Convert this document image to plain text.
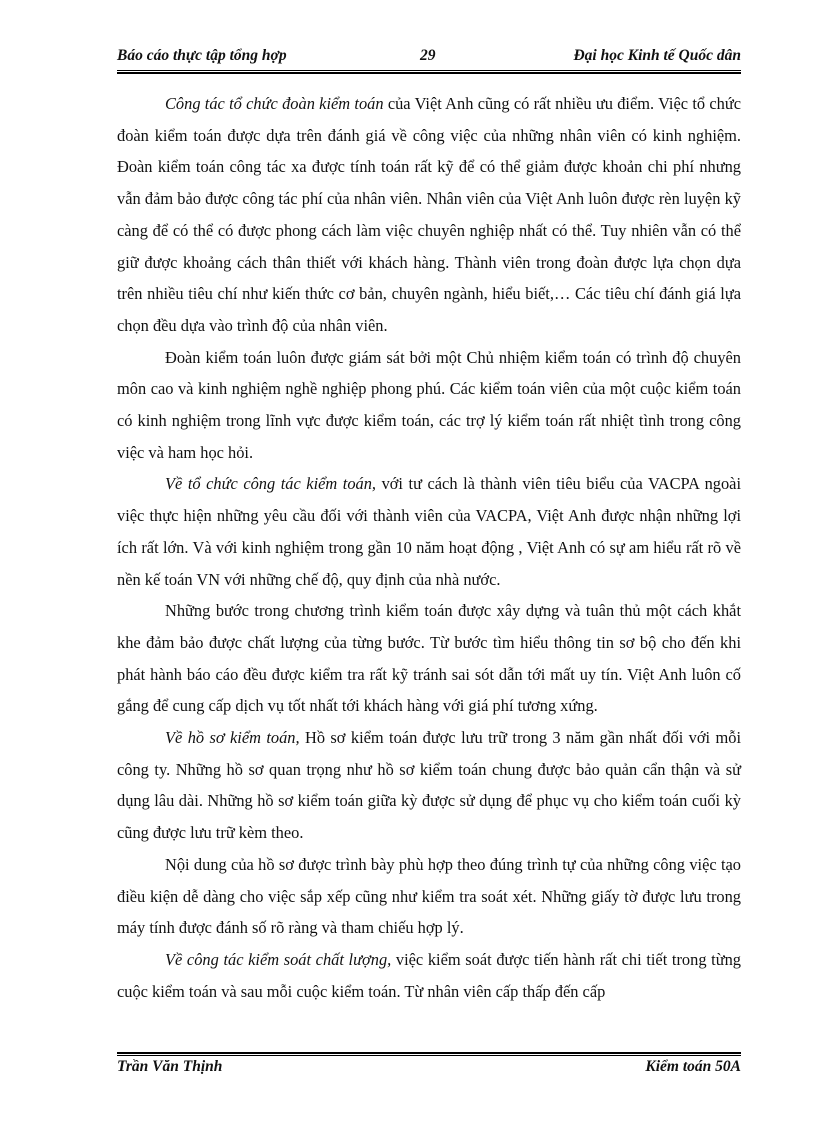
Báo cáo thực tập tổng hợp	29	Đại học Kinh tế Quốc dân

Công tác tổ chức đoàn kiểm toán của Việt Anh cũng có rất nhiều ưu điểm. Việc tổ chức đoàn kiểm toán được dựa trên đánh giá về công việc của những nhân viên có kinh nghiệm. Đoàn kiểm toán công tác xa được tính toán rất kỹ để có thể giảm được khoản chi phí nhưng vẫn đảm bảo được công tác phí của nhân viên. Nhân viên của Việt Anh luôn được rèn luyện kỹ càng để có thể có được phong cách làm việc chuyên nghiệp nhất có thể. Tuy nhiên vẫn có thể giữ được khoảng cách thân thiết với khách hàng. Thành viên trong đoàn được lựa chọn dựa trên nhiều tiêu chí như kiến thức cơ bản, chuyên ngành, hiểu biết,… Các tiêu chí đánh giá lựa chọn đều dựa vào trình độ của nhân viên.

Đoàn kiểm toán luôn được giám sát bởi một Chủ nhiệm kiểm toán có trình độ chuyên môn cao và kinh nghiệm nghề nghiệp phong phú. Các kiểm toán viên của một cuộc kiểm toán có kinh nghiệm trong lĩnh vực được kiểm toán, các trợ lý kiểm toán rất nhiệt tình trong công việc và ham học hỏi.

Về tổ chức công tác kiểm toán, với tư cách là thành viên tiêu biểu của VACPA ngoài việc thực hiện những yêu cầu đối với thành viên của VACPA, Việt Anh được nhận những lợi ích rất lớn. Và với kinh nghiệm trong gần 10 năm hoạt động , Việt Anh có sự am hiểu rất rõ về nền kế toán VN với những chế độ, quy định của nhà nước.

Những bước trong chương trình kiểm toán được xây dựng và tuân thủ một cách khắt khe đảm bảo được chất lượng của từng bước. Từ bước tìm hiểu thông tin sơ bộ cho đến khi phát hành báo cáo đều được kiểm tra rất kỹ tránh sai sót dẫn tới mất uy tín. Việt Anh luôn cố gắng để cung cấp dịch vụ tốt nhất tới khách hàng với giá phí tương xứng.

Về hồ sơ kiểm toán, Hồ sơ kiểm toán được lưu trữ trong 3 năm gần nhất đối với mỗi công ty. Những hồ sơ quan trọng như hồ sơ kiểm toán chung được bảo quản cẩn thận và sử dụng lâu dài. Những hồ sơ kiểm toán giữa kỳ được sử dụng để phục vụ cho kiểm toán cuối kỳ cũng được lưu trữ kèm theo.

Nội dung của hồ sơ được trình bày phù hợp theo đúng trình tự của những công việc tạo điều kiện dễ dàng cho việc sắp xếp cũng như kiểm tra soát xét. Những giấy tờ được lưu trong máy tính được đánh số rõ ràng và tham chiếu hợp lý.

Về công tác kiểm soát chất lượng, việc kiểm soát được tiến hành rất chi tiết trong từng cuộc kiểm toán và sau mỗi cuộc kiểm toán. Từ nhân viên cấp thấp đến cấp

Trần Văn Thịnh	Kiểm toán 50A
